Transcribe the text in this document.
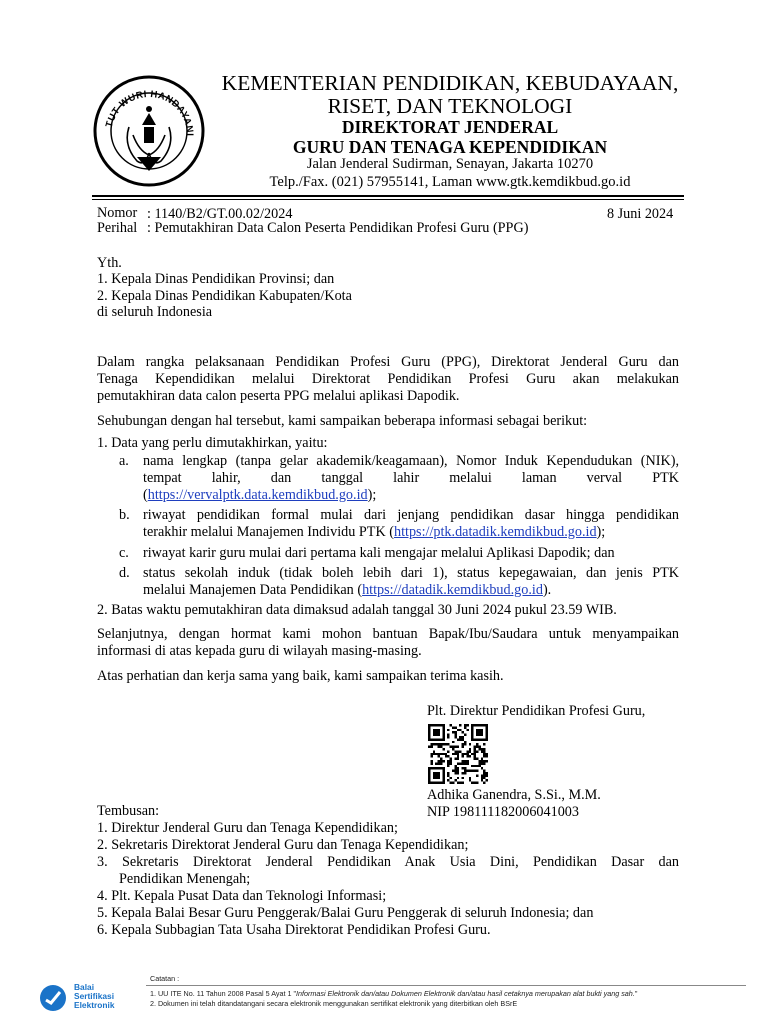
TUT WURI HANDAYANI
KEMENTERIAN PENDIDIKAN, KEBUDAYAAN,
RISET, DAN TEKNOLOGI
DIREKTORAT JENDERAL
GURU DAN TENAGA KEPENDIDIKAN
Jalan Jenderal Sudirman, Senayan, Jakarta 10270
Telp./Fax. (021) 57955141, Laman www.gtk.kemdikbud.go.id
Nomor : 1140/B2/GT.00.02/2024	8 Juni 2024
Perihal : Pemutakhiran Data Calon Peserta Pendidikan Profesi Guru (PPG)
Yth.
1. Kepala Dinas Pendidikan Provinsi; dan
2. Kepala Dinas Pendidikan Kabupaten/Kota
di seluruh Indonesia
Dalam rangka pelaksanaan Pendidikan Profesi Guru (PPG), Direktorat Jenderal Guru dan
Tenaga Kependidikan melalui Direktorat Pendidikan Profesi Guru akan melakukan
pemutakhiran data calon peserta PPG melalui aplikasi Dapodik.
Sehubungan dengan hal tersebut, kami sampaikan beberapa informasi sebagai berikut:
1. Data yang perlu dimutakhirkan, yaitu:
a. nama lengkap (tanpa gelar akademik/keagamaan), Nomor Induk Kependudukan (NIK),
tempat lahir, dan tanggal lahir melalui laman verval PTK
(https://vervalptk.data.kemdikbud.go.id);
b. riwayat pendidikan formal mulai dari jenjang pendidikan dasar hingga pendidikan
terakhir melalui Manajemen Individu PTK (https://ptk.datadik.kemdikbud.go.id);
c. riwayat karir guru mulai dari pertama kali mengajar melalui Aplikasi Dapodik; dan
d. status sekolah induk (tidak boleh lebih dari 1), status kepegawaian, dan jenis PTK
melalui Manajemen Data Pendidikan (https://datadik.kemdikbud.go.id).
2. Batas waktu pemutakhiran data dimaksud adalah tanggal 30 Juni 2024 pukul 23.59 WIB.
Selanjutnya, dengan hormat kami mohon bantuan Bapak/Ibu/Saudara untuk menyampaikan
informasi di atas kepada guru di wilayah masing-masing.
Atas perhatian dan kerja sama yang baik, kami sampaikan terima kasih.
Plt. Direktur Pendidikan Profesi Guru,
Adhika Ganendra, S.Si., M.M.
NIP 198111182006041003
Tembusan:
1. Direktur Jenderal Guru dan Tenaga Kependidikan;
2. Sekretaris Direktorat Jenderal Guru dan Tenaga Kependidikan;
3. Sekretaris Direktorat Jenderal Pendidikan Anak Usia Dini, Pendidikan Dasar dan
Pendidikan Menengah;
4. Plt. Kepala Pusat Data dan Teknologi Informasi;
5. Kepala Balai Besar Guru Penggerak/Balai Guru Penggerak di seluruh Indonesia; dan
6. Kepala Subbagian Tata Usaha Direktorat Pendidikan Profesi Guru.
Balai
Sertifikasi
Elektronik
Catatan :
1. UU ITE No. 11 Tahun 2008 Pasal 5 Ayat 1 "Informasi Elektronik dan/atau Dokumen Elektronik dan/atau hasil cetaknya merupakan alat bukti yang sah."
2. Dokumen ini telah ditandatangani secara elektronik menggunakan sertifikat elektronik yang diterbitkan oleh BSrE
